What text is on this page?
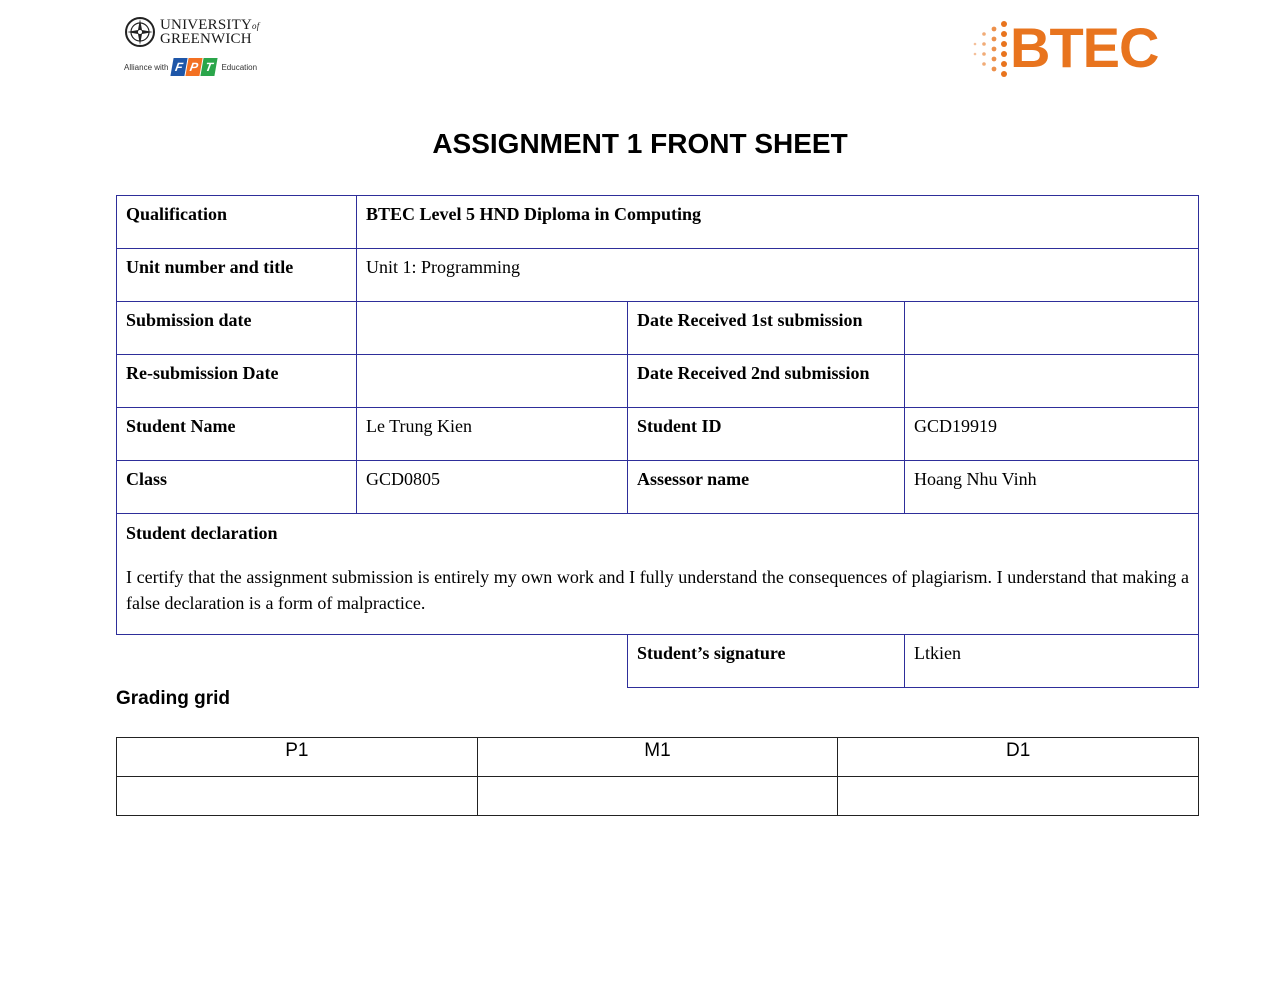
UNIVERSITYof
GREENWICH
Alliance with F P T Education	BTEC
ASSIGNMENT 1 FRONT SHEET
Qualification	BTEC Level 5 HND Diploma in Computing		
Unit number and title	Unit 1: Programming		
Submission date		Date Received 1st submission	
Re-submission Date		Date Received 2nd submission	
Student Name	Le Trung Kien	Student ID	GCD19919
Class	GCD0805	Assessor name	Hoang Nhu Vinh

Student declaration
I certify that the assignment submission is entirely my own work and I fully understand the consequences of plagiarism. I understand that making a false declaration is a form of malpractice.			

		Student’s signature	Ltkien
Grading grid
P1	M1	D1
